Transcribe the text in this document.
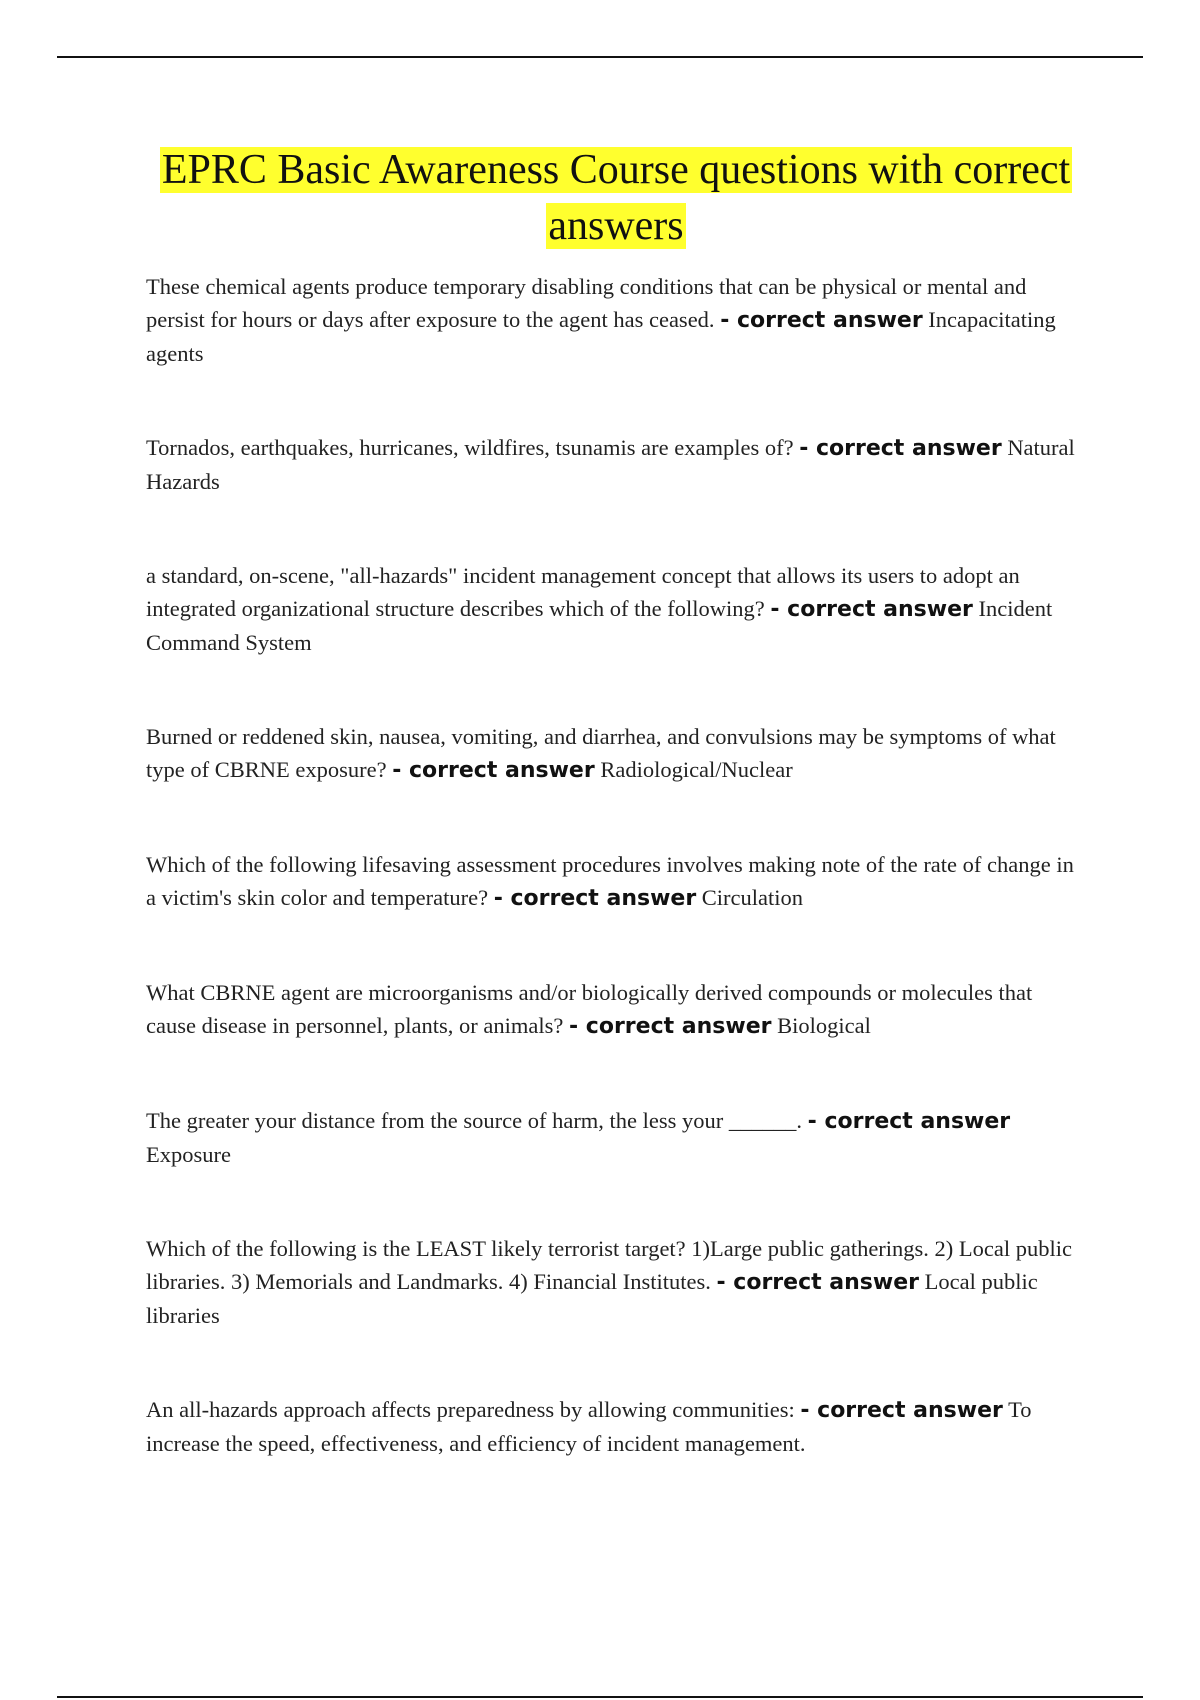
EPRC Basic Awareness Course questions with correct answers

These chemical agents produce temporary disabling conditions that can be physical or mental and persist for hours or days after exposure to the agent has ceased. - correct answer Incapacitating agents

Tornados, earthquakes, hurricanes, wildfires, tsunamis are examples of? - correct answer Natural Hazards

a standard, on-scene, "all-hazards" incident management concept that allows its users to adopt an integrated organizational structure describes which of the following? - correct answer Incident Command System

Burned or reddened skin, nausea, vomiting, and diarrhea, and convulsions may be symptoms of what type of CBRNE exposure? - correct answer Radiological/Nuclear

Which of the following lifesaving assessment procedures involves making note of the rate of change in a victim's skin color and temperature? - correct answer Circulation

What CBRNE agent are microorganisms and/or biologically derived compounds or molecules that cause disease in personnel, plants, or animals? - correct answer Biological

The greater your distance from the source of harm, the less your ______. - correct answer Exposure

Which of the following is the LEAST likely terrorist target? 1)Large public gatherings. 2) Local public libraries. 3) Memorials and Landmarks. 4) Financial Institutes. - correct answer Local public libraries

An all-hazards approach affects preparedness by allowing communities: - correct answer To increase the speed, effectiveness, and efficiency of incident management.
